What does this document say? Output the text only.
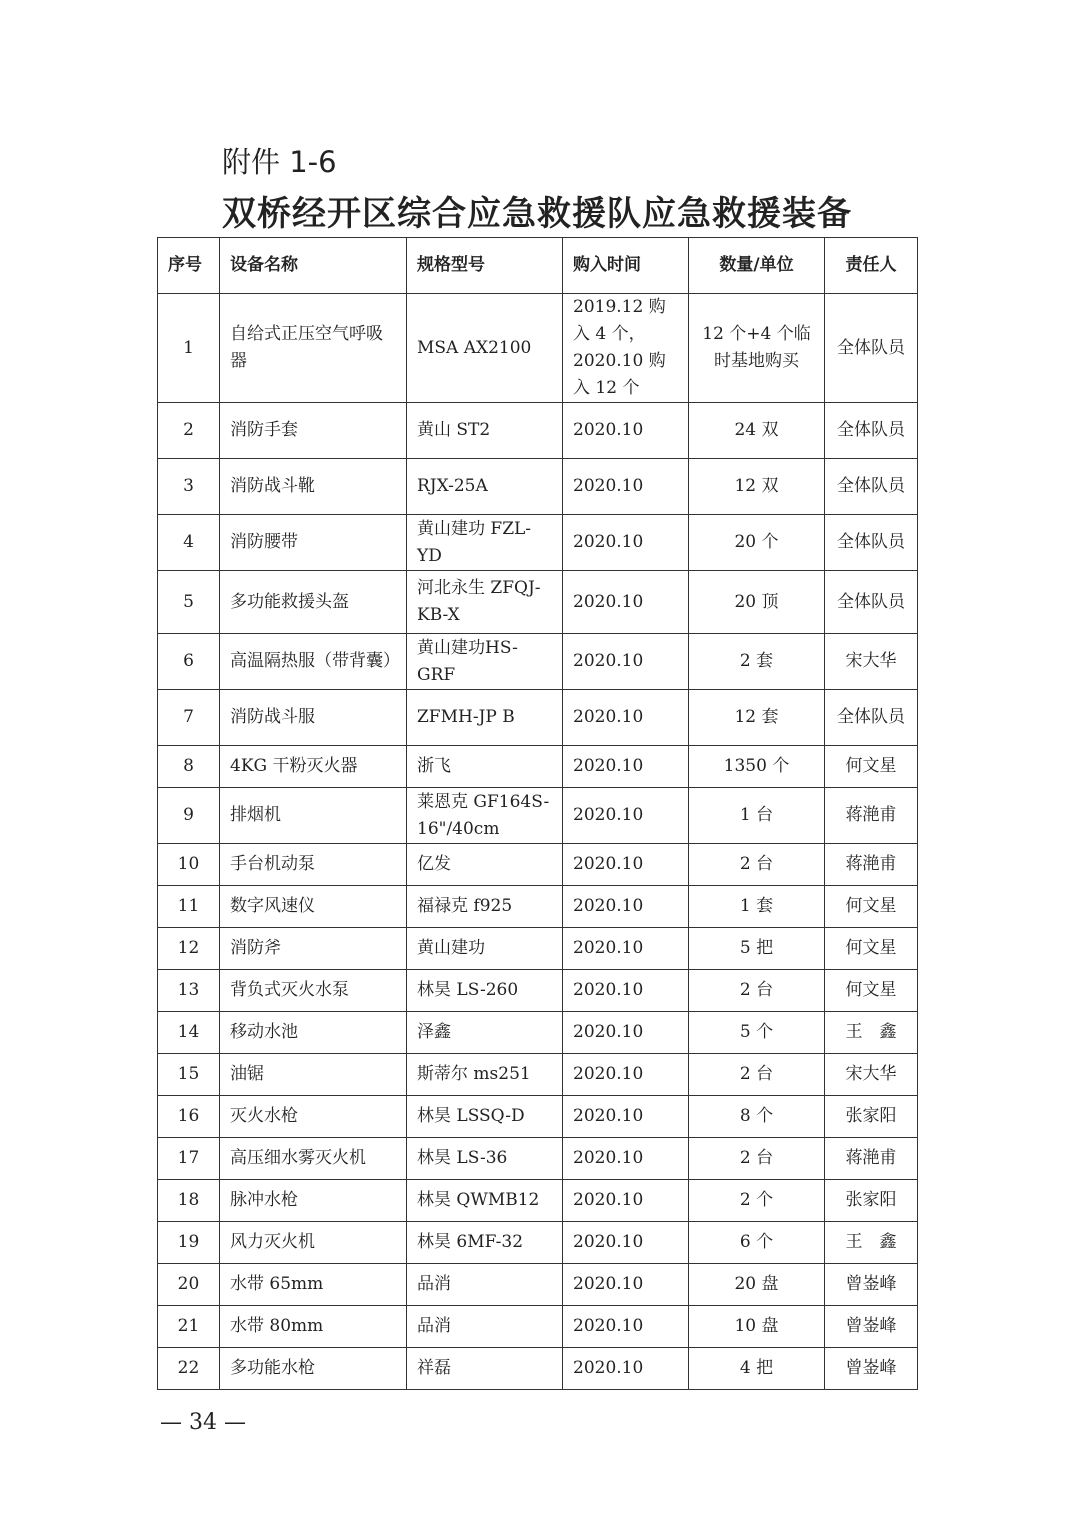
附件 1-6
双桥经开区综合应急救援队应急救援装备
序号	设备名称	规格型号	购入时间	数量/单位	责任人
1	自给式正压空气呼吸器	MSA AX2100	2019.12 购入 4 个，2020.10 购入 12 个	12 个+4 个临时基地购买	全体队员
2	消防手套	黄山 ST2	2020.10	24 双	全体队员
3	消防战斗靴	RJX-25A	2020.10	12 双	全体队员
4	消防腰带	黄山建功 FZL-YD	2020.10	20 个	全体队员
5	多功能救援头盔	河北永生 ZFQJ-KB-X	2020.10	20 顶	全体队员
6	高温隔热服（带背囊）	黄山建功HS-GRF	2020.10	2 套	宋大华
7	消防战斗服	ZFMH-JP B	2020.10	12 套	全体队员
8	4KG 干粉灭火器	浙飞	2020.10	1350 个	何文星
9	排烟机	莱恩克 GF164S-16"/40cm	2020.10	1 台	蒋滟甫
10	手台机动泵	亿发	2020.10	2 台	蒋滟甫
11	数字风速仪	福禄克 f925	2020.10	1 套	何文星
12	消防斧	黄山建功	2020.10	5 把	何文星
13	背负式灭火水泵	林昊 LS-260	2020.10	2 台	何文星
14	移动水池	泽鑫	2020.10	5 个	王　鑫
15	油锯	斯蒂尔 ms251	2020.10	2 台	宋大华
16	灭火水枪	林昊 LSSQ-D	2020.10	8 个	张家阳
17	高压细水雾灭火机	林昊 LS-36	2020.10	2 台	蒋滟甫
18	脉冲水枪	林昊 QWMB12	2020.10	2 个	张家阳
19	风力灭火机	林昊 6MF-32	2020.10	6 个	王　鑫
20	水带 65mm	品消	2020.10	20 盘	曾崟峰
21	水带 80mm	品消	2020.10	10 盘	曾崟峰
22	多功能水枪	祥磊	2020.10	4 把	曾崟峰
— 34 —
